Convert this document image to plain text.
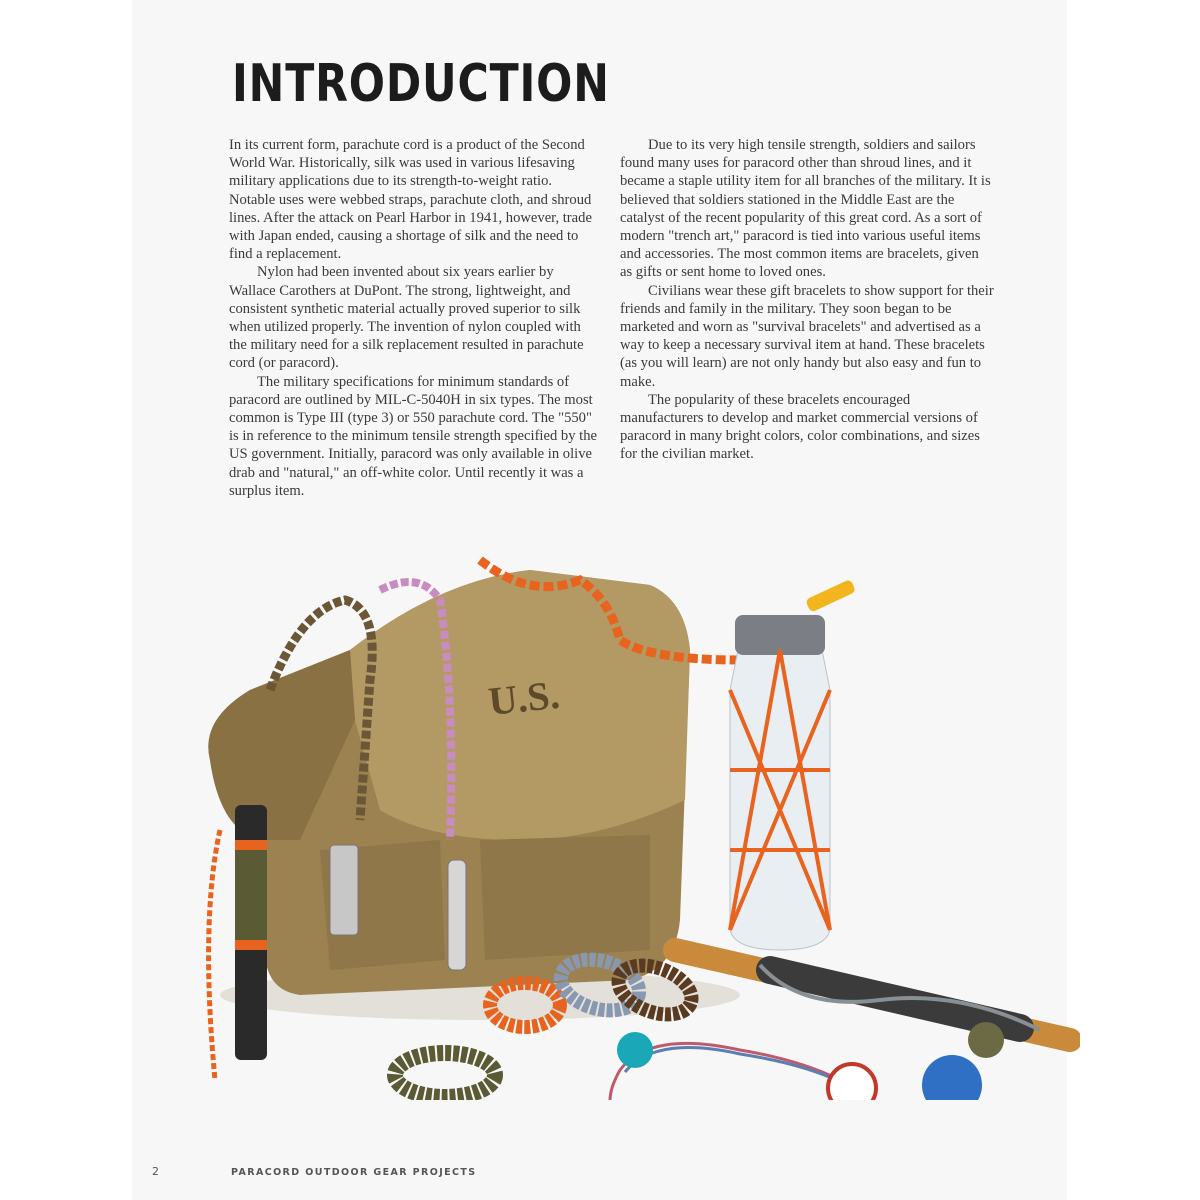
INTRODUCTION

In its current form, parachute cord is a product of the Second World War. Historically, silk was used in various lifesaving military applications due to its strength-to-weight ratio. Notable uses were webbed straps, parachute cloth, and shroud lines. After the attack on Pearl Harbor in 1941, however, trade with Japan ended, causing a shortage of silk and the need to find a replacement.

Nylon had been invented about six years earlier by Wallace Carothers at DuPont. The strong, lightweight, and consistent synthetic material actually proved superior to silk when utilized properly. The invention of nylon coupled with the military need for a silk replacement resulted in parachute cord (or paracord).

The military specifications for minimum standards of paracord are outlined by MIL-C-5040H in six types. The most common is Type III (type 3) or 550 parachute cord. The "550" is in reference to the minimum tensile strength specified by the US government. Initially, paracord was only available in olive drab and "natural," an off-white color. Until recently it was a surplus item.

Due to its very high tensile strength, soldiers and sailors found many uses for paracord other than shroud lines, and it became a staple utility item for all branches of the military. It is believed that soldiers stationed in the Middle East are the catalyst of the recent popularity of this great cord. As a sort of modern "trench art," paracord is tied into various useful items and accessories. The most common items are bracelets, given as gifts or sent home to loved ones.

Civilians wear these gift bracelets to show support for their friends and family in the military. They soon began to be marketed and worn as "survival bracelets" and advertised as a way to keep a necessary survival item at hand. These bracelets (as you will learn) are not only handy but also easy and fun to make.

The popularity of these bracelets encouraged manufacturers to develop and market commercial versions of paracord in many bright colors, color combinations, and sizes for the civilian market.

U.S.
2	PARACORD OUTDOOR GEAR PROJECTS
